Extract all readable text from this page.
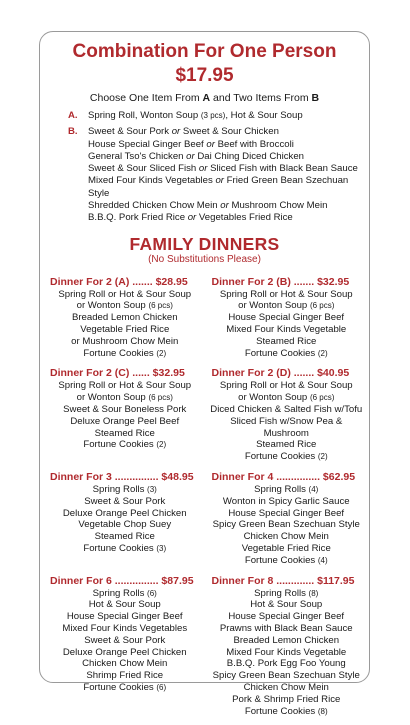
Combination For One Person
$17.95
Choose One Item From A and Two Items From B
A.	Spring Roll, Wonton Soup (3 pcs), Hot & Sour Soup
B.	Sweet & Sour Pork or Sweet & Sour Chicken
House Special Ginger Beef or Beef with Broccoli
General Tso's Chicken or Dai Ching Diced Chicken
Sweet & Sour Sliced Fish or Sliced Fish with Black Bean Sauce
Mixed Four Kinds Vegetables or Fried Green Bean Szechuan Style
Shredded Chicken Chow Mein or Mushroom Chow Mein
B.B.Q. Pork Fried Rice or Vegetables Fried Rice
FAMILY DINNERS
(No Substitutions Please)
Dinner For 2 (A) ....... $28.95
Spring Roll or Hot & Sour Soup
or Wonton Soup (6 pcs)
Breaded Lemon Chicken
Vegetable Fried Rice
or Mushroom Chow Mein
Fortune Cookies (2)
Dinner For 2 (B) ....... $32.95
Spring Roll or Hot & Sour Soup
or Wonton Soup (6 pcs)
House Special Ginger Beef
Mixed Four Kinds Vegetable
Steamed Rice
Fortune Cookies (2)
Dinner For 2 (C) ...... $32.95
Spring Roll or Hot & Sour Soup
or Wonton Soup (6 pcs)
Sweet & Sour Boneless Pork
Deluxe Orange Peel Beef
Steamed Rice
Fortune Cookies (2)
Dinner For 2 (D) ....... $40.95
Spring Roll or Hot & Sour Soup
or Wonton Soup (6 pcs)
Diced Chicken & Salted Fish w/Tofu
Sliced Fish w/Snow Pea & Mushroom
Steamed Rice
Fortune Cookies (2)
Dinner For 3 ............... $48.95
Spring Rolls (3)
Sweet & Sour Pork
Deluxe Orange Peel Chicken
Vegetable Chop Suey
Steamed Rice
Fortune Cookies (3)
Dinner For 4 ............... $62.95
Spring Rolls (4)
Wonton in Spicy Garlic Sauce
House Special Ginger Beef
Spicy Green Bean Szechuan Style
Chicken Chow Mein
Vegetable Fried Rice
Fortune Cookies (4)
Dinner For 6 ............... $87.95
Spring Rolls (6)
Hot & Sour Soup
House Special Ginger Beef
Mixed Four Kinds Vegetables
Sweet & Sour Pork
Deluxe Orange Peel Chicken
Chicken Chow Mein
Shrimp Fried Rice
Fortune Cookies (6)
Dinner For 8 ............. $117.95
Spring Rolls (8)
Hot & Sour Soup
House Special Ginger Beef
Prawns with Black Bean Sauce
Breaded Lemon Chicken
Mixed Four Kinds Vegetable
B.B.Q. Pork Egg Foo Young
Spicy Green Bean Szechuan Style
Chicken Chow Mein
Pork & Shrimp Fried Rice
Fortune Cookies (8)
